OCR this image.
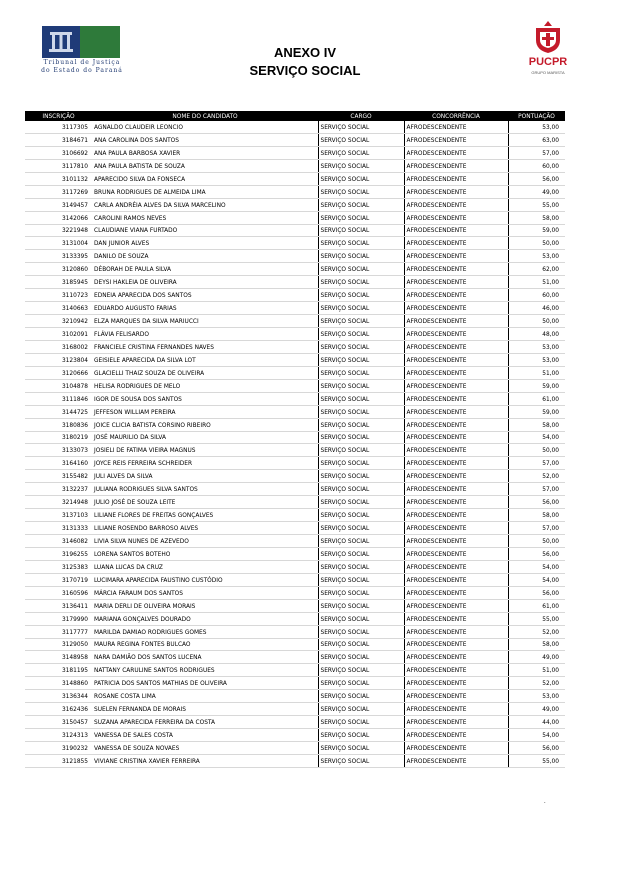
Tribunal de Justiça
do Estado do Paraná
PUCPR
GRUPO MARISTA
ANEXO IV
SERVIÇO SOCIAL
INSCRIÇÃO	NOME DO CANDIDATO	CARGO	CONCORRÊNCIA	PONTUAÇÃO
3117305	AGNALDO CLAUDEIR LEONCIO	SERVIÇO SOCIAL	AFRODESCENDENTE	53,00
3184671	ANA CAROLINA DOS SANTOS	SERVIÇO SOCIAL	AFRODESCENDENTE	63,00
3106692	ANA PAULA BARBOSA XAVIER	SERVIÇO SOCIAL	AFRODESCENDENTE	57,00
3117810	ANA PAULA BATISTA DE SOUZA	SERVIÇO SOCIAL	AFRODESCENDENTE	60,00
3101132	APARECIDO SILVA DA FONSECA	SERVIÇO SOCIAL	AFRODESCENDENTE	56,00
3117269	BRUNA RODRIGUES DE ALMEIDA LIMA	SERVIÇO SOCIAL	AFRODESCENDENTE	49,00
3149457	CARLA ANDRÉIA ALVES DA SILVA MARCELINO	SERVIÇO SOCIAL	AFRODESCENDENTE	55,00
3142066	CAROLINI RAMOS NEVES	SERVIÇO SOCIAL	AFRODESCENDENTE	58,00
3221948	CLAUDIANE VIANA FURTADO	SERVIÇO SOCIAL	AFRODESCENDENTE	59,00
3131004	DAN JUNIOR ALVES	SERVIÇO SOCIAL	AFRODESCENDENTE	50,00
3133395	DANILO DE SOUZA	SERVIÇO SOCIAL	AFRODESCENDENTE	53,00
3120860	DÉBORAH DE PAULA SILVA	SERVIÇO SOCIAL	AFRODESCENDENTE	62,00
3185945	DEYSI HAKLEIA DE OLIVEIRA	SERVIÇO SOCIAL	AFRODESCENDENTE	51,00
3110723	EDNEIA APARECIDA DOS SANTOS	SERVIÇO SOCIAL	AFRODESCENDENTE	60,00
3140663	EDUARDO AUGUSTO FARIAS	SERVIÇO SOCIAL	AFRODESCENDENTE	46,00
3210942	ELZA MARQUES DA SILVA MARIUCCI	SERVIÇO SOCIAL	AFRODESCENDENTE	50,00
3102091	FLÁVIA FELISARDO	SERVIÇO SOCIAL	AFRODESCENDENTE	48,00
3168002	FRANCIELE CRISTINA FERNANDES NAVES	SERVIÇO SOCIAL	AFRODESCENDENTE	53,00
3123804	GEISIELE APARECIDA DA SILVA LOT	SERVIÇO SOCIAL	AFRODESCENDENTE	53,00
3120666	GLACIELLI THAIZ SOUZA DE OLIVEIRA	SERVIÇO SOCIAL	AFRODESCENDENTE	51,00
3104878	HELISA RODRIGUES DE MELO	SERVIÇO SOCIAL	AFRODESCENDENTE	59,00
3111846	IGOR DE SOUSA DOS SANTOS	SERVIÇO SOCIAL	AFRODESCENDENTE	61,00
3144725	JEFFESON WILLIAM PEREIRA	SERVIÇO SOCIAL	AFRODESCENDENTE	59,00
3180836	JOICE CLICIA BATISTA CORSINO RIBEIRO	SERVIÇO SOCIAL	AFRODESCENDENTE	58,00
3180219	JOSÉ MAURILIO DA SILVA	SERVIÇO SOCIAL	AFRODESCENDENTE	54,00
3133073	JOSIELI DE FATIMA VIEIRA MAGNUS	SERVIÇO SOCIAL	AFRODESCENDENTE	50,00
3164160	JOYCE REIS FERREIRA SCHREIDER	SERVIÇO SOCIAL	AFRODESCENDENTE	57,00
3155482	JULI ALVES DA SILVA	SERVIÇO SOCIAL	AFRODESCENDENTE	52,00
3132237	JULIANA RODRIGUES SILVA SANTOS	SERVIÇO SOCIAL	AFRODESCENDENTE	57,00
3214948	JULIO JOSÉ DE SOUZA LEITE	SERVIÇO SOCIAL	AFRODESCENDENTE	56,00
3137103	LILIANE FLORES DE FREITAS GONÇALVES	SERVIÇO SOCIAL	AFRODESCENDENTE	58,00
3131333	LILIANE ROSENDO BARROSO ALVES	SERVIÇO SOCIAL	AFRODESCENDENTE	57,00
3146082	LIVIA SILVA NUNES DE AZEVEDO	SERVIÇO SOCIAL	AFRODESCENDENTE	50,00
3196255	LORENA SANTOS BOTEHO	SERVIÇO SOCIAL	AFRODESCENDENTE	56,00
3125383	LUANA LUCAS DA CRUZ	SERVIÇO SOCIAL	AFRODESCENDENTE	54,00
3170719	LUCIMARA APARECIDA FAUSTINO CUSTÓDIO	SERVIÇO SOCIAL	AFRODESCENDENTE	54,00
3160596	MÁRCIA FARAUM DOS SANTOS	SERVIÇO SOCIAL	AFRODESCENDENTE	56,00
3136411	MARIA DERLI DE OLIVEIRA MORAIS	SERVIÇO SOCIAL	AFRODESCENDENTE	61,00
3179990	MARIANA GONÇALVES DOURADO	SERVIÇO SOCIAL	AFRODESCENDENTE	55,00
3117777	MARILDA DAMIAO RODRIGUES GOMES	SERVIÇO SOCIAL	AFRODESCENDENTE	52,00
3129050	MAURA REGINA FONTES BULCAO	SERVIÇO SOCIAL	AFRODESCENDENTE	58,00
3148958	NARA DAMIÃO DOS SANTOS LUCENA	SERVIÇO SOCIAL	AFRODESCENDENTE	49,00
3181195	NATTANY CARULINE SANTOS RODRIGUES	SERVIÇO SOCIAL	AFRODESCENDENTE	51,00
3148860	PATRICIA DOS SANTOS MATHIAS DE OLIVEIRA	SERVIÇO SOCIAL	AFRODESCENDENTE	52,00
3136344	ROSANE COSTA LIMA	SERVIÇO SOCIAL	AFRODESCENDENTE	53,00
3162436	SUELEN FERNANDA DE MORAIS	SERVIÇO SOCIAL	AFRODESCENDENTE	49,00
3150457	SUZANA APARECIDA FERREIRA DA COSTA	SERVIÇO SOCIAL	AFRODESCENDENTE	44,00
3124313	VANESSA DE SALES COSTA	SERVIÇO SOCIAL	AFRODESCENDENTE	54,00
3190232	VANESSA DE SOUZA NOVAES	SERVIÇO SOCIAL	AFRODESCENDENTE	56,00
3121855	VIVIANE CRISTINA XAVIER FERREIRA	SERVIÇO SOCIAL	AFRODESCENDENTE	55,00
.
